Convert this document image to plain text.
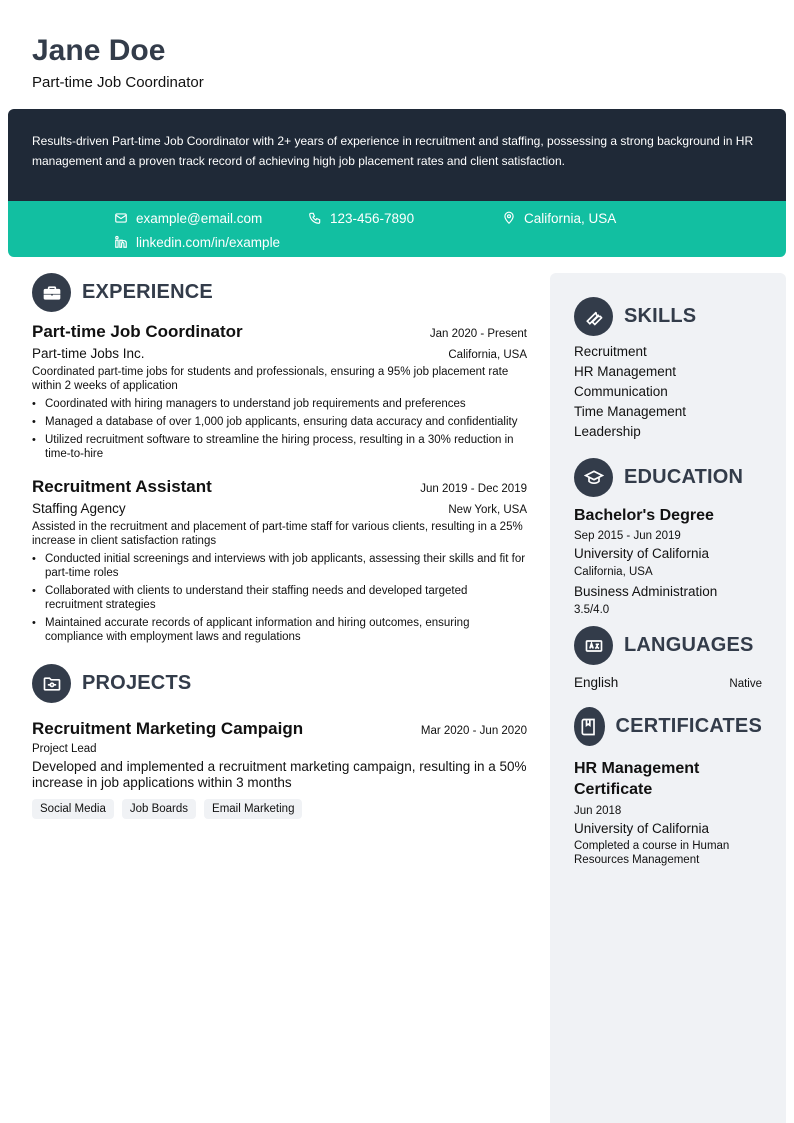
Jane Doe
Part-time Job Coordinator

Results-driven Part-time Job Coordinator with 2+ years of experience in recruitment and staffing, possessing a strong background in HR management and a proven track record of achieving high job placement rates and client satisfaction.

example@email.com	123-456-7890	California, USA
linkedin.com/in/example
EXPERIENCE
Part-time Job Coordinator	Jan 2020 - Present
Part-time Jobs Inc.	California, USA
Coordinated part-time jobs for students and professionals, ensuring a 95% job placement rate within 2 weeks of application
• Coordinated with hiring managers to understand job requirements and preferences
• Managed a database of over 1,000 job applicants, ensuring data accuracy and confidentiality
• Utilized recruitment software to streamline the hiring process, resulting in a 30% reduction in time-to-hire
Recruitment Assistant	Jun 2019 - Dec 2019
Staffing Agency	New York, USA
Assisted in the recruitment and placement of part-time staff for various clients, resulting in a 25% increase in client satisfaction ratings
• Conducted initial screenings and interviews with job applicants, assessing their skills and fit for part-time roles
• Collaborated with clients to understand their staffing needs and developed targeted recruitment strategies
• Maintained accurate records of applicant information and hiring outcomes, ensuring compliance with employment laws and regulations
PROJECTS
Recruitment Marketing Campaign	Mar 2020 - Jun 2020
Project Lead
Developed and implemented a recruitment marketing campaign, resulting in a 50% increase in job applications within 3 months
Social Media	Job Boards	Email Marketing
SKILLS
Recruitment
HR Management
Communication
Time Management
Leadership
EDUCATION
Bachelor's Degree
Sep 2015 - Jun 2019
University of California
California, USA
Business Administration
3.5/4.0
LANGUAGES
English	Native
CERTIFICATES
HR Management Certificate
Jun 2018
University of California
Completed a course in Human Resources Management
